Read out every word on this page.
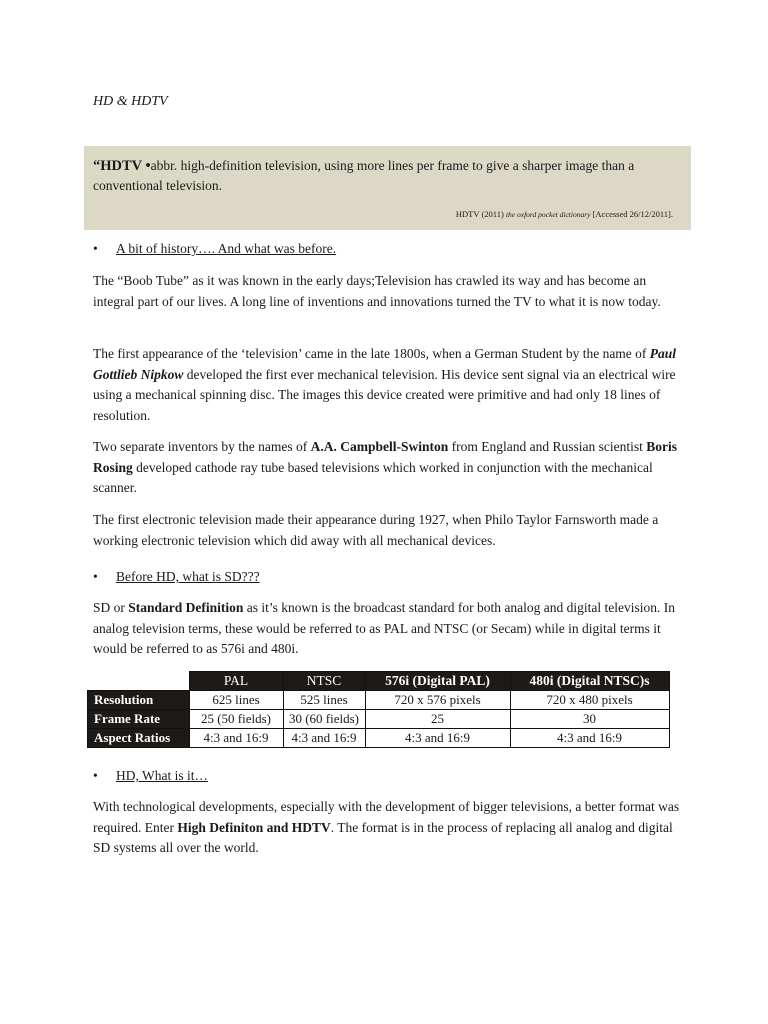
HD & HDTV
“HDTV •abbr. high-definition television, using more lines per frame to give a sharper image than a conventional television.
HDTV (2011) the oxford pocket dictionary [Accessed 26/12/2011].
• A bit of history…. And what was before.

The “Boob Tube” as it was known in the early days;Television has crawled its way and has become an integral part of our lives. A long line of inventions and innovations turned the TV to what it is now today.

The first appearance of the ‘television’ came in the late 1800s, when a German Student by the name of Paul Gottlieb Nipkow developed the first ever mechanical television. His device sent signal via an electrical wire using a mechanical spinning disc. The images this device created were primitive and had only 18 lines of resolution.

Two separate inventors by the names of A.A. Campbell-Swinton from England and Russian scientist Boris Rosing developed cathode ray tube based televisions which worked in conjunction with the mechanical scanner.

The first electronic television made their appearance during 1927, when Philo Taylor Farnsworth made a working electronic television which did away with all mechanical devices.

• Before HD, what is SD???

SD or Standard Definition as it’s known is the broadcast standard for both analog and digital television. In analog television terms, these would be referred to as PAL and NTSC (or Secam) while in digital terms it would be referred to as 576i and 480i.

	PAL	NTSC	576i (Digital PAL)	480i (Digital NTSC)s
Resolution	625 lines	525 lines	720 x 576 pixels	720 x 480 pixels
Frame Rate	25 (50 fields)	30 (60 fields)	25	30
Aspect Ratios	4:3 and 16:9	4:3 and 16:9	4:3 and 16:9	4:3 and 16:9
• HD, What is it…

With technological developments, especially with the development of bigger televisions, a better format was required. Enter High Definiton and HDTV. The format is in the process of replacing all analog and digital SD systems all over the world.
